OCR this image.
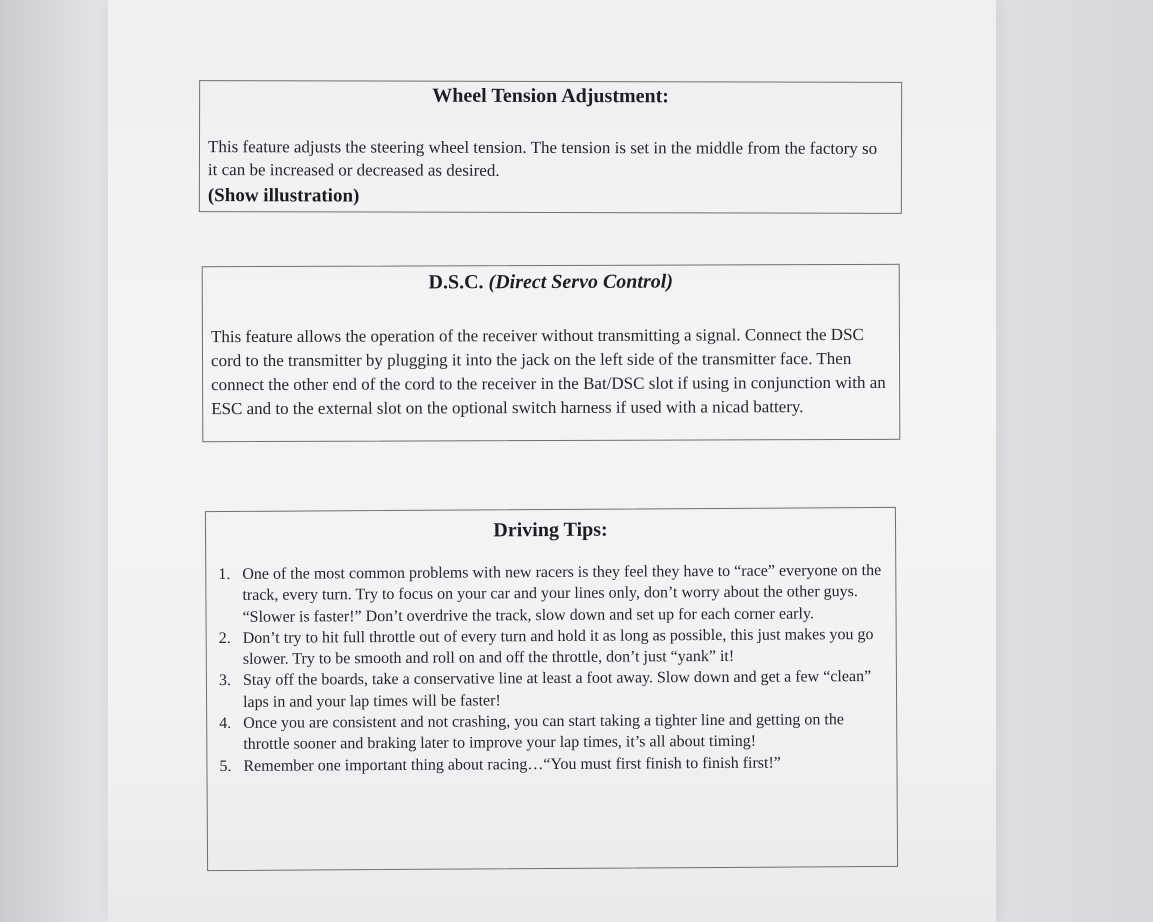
Wheel Tension Adjustment:

This feature adjusts the steering wheel tension. The tension is set in the middle from the factory so it can be increased or decreased as desired.

(Show illustration)

D.S.C. (Direct Servo Control)

This feature allows the operation of the receiver without transmitting a signal. Connect the DSC cord to the transmitter by plugging it into the jack on the left side of the transmitter face. Then connect the other end of the cord to the receiver in the Bat/DSC slot if using in conjunction with an ESC and to the external slot on the optional switch harness if used with a nicad battery.

Driving Tips:

1. One of the most common problems with new racers is they feel they have to “race” everyone on the track, every turn. Try to focus on your car and your lines only, don’t worry about the other guys. “Slower is faster!” Don’t overdrive the track, slow down and set up for each corner early.
2. Don’t try to hit full throttle out of every turn and hold it as long as possible, this just makes you go slower. Try to be smooth and roll on and off the throttle, don’t just “yank” it!
3. Stay off the boards, take a conservative line at least a foot away. Slow down and get a few “clean” laps in and your lap times will be faster!
4. Once you are consistent and not crashing, you can start taking a tighter line and getting on the throttle sooner and braking later to improve your lap times, it’s all about timing!
5. Remember one important thing about racing…“You must first finish to finish first!”
